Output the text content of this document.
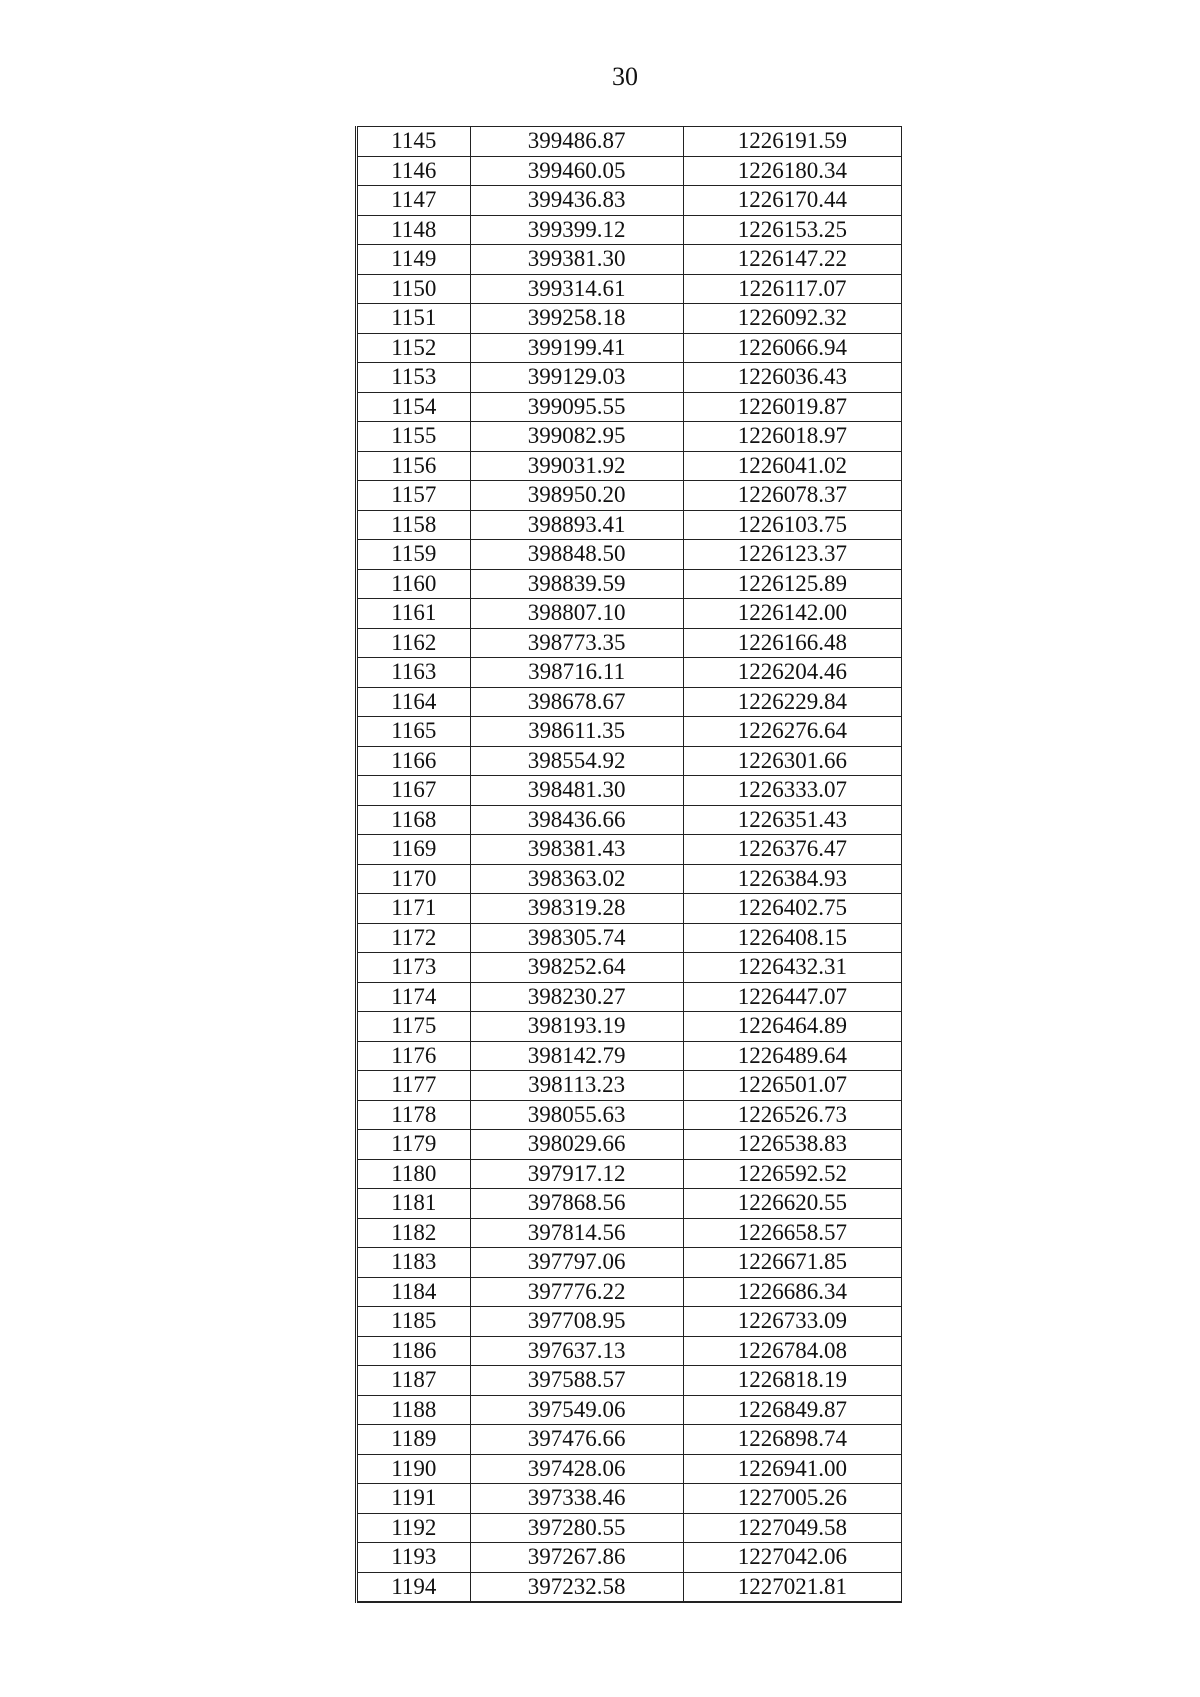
30
1145	399486.87	1226191.59
1146	399460.05	1226180.34
1147	399436.83	1226170.44
1148	399399.12	1226153.25
1149	399381.30	1226147.22
1150	399314.61	1226117.07
1151	399258.18	1226092.32
1152	399199.41	1226066.94
1153	399129.03	1226036.43
1154	399095.55	1226019.87
1155	399082.95	1226018.97
1156	399031.92	1226041.02
1157	398950.20	1226078.37
1158	398893.41	1226103.75
1159	398848.50	1226123.37
1160	398839.59	1226125.89
1161	398807.10	1226142.00
1162	398773.35	1226166.48
1163	398716.11	1226204.46
1164	398678.67	1226229.84
1165	398611.35	1226276.64
1166	398554.92	1226301.66
1167	398481.30	1226333.07
1168	398436.66	1226351.43
1169	398381.43	1226376.47
1170	398363.02	1226384.93
1171	398319.28	1226402.75
1172	398305.74	1226408.15
1173	398252.64	1226432.31
1174	398230.27	1226447.07
1175	398193.19	1226464.89
1176	398142.79	1226489.64
1177	398113.23	1226501.07
1178	398055.63	1226526.73
1179	398029.66	1226538.83
1180	397917.12	1226592.52
1181	397868.56	1226620.55
1182	397814.56	1226658.57
1183	397797.06	1226671.85
1184	397776.22	1226686.34
1185	397708.95	1226733.09
1186	397637.13	1226784.08
1187	397588.57	1226818.19
1188	397549.06	1226849.87
1189	397476.66	1226898.74
1190	397428.06	1226941.00
1191	397338.46	1227005.26
1192	397280.55	1227049.58
1193	397267.86	1227042.06
1194	397232.58	1227021.81
